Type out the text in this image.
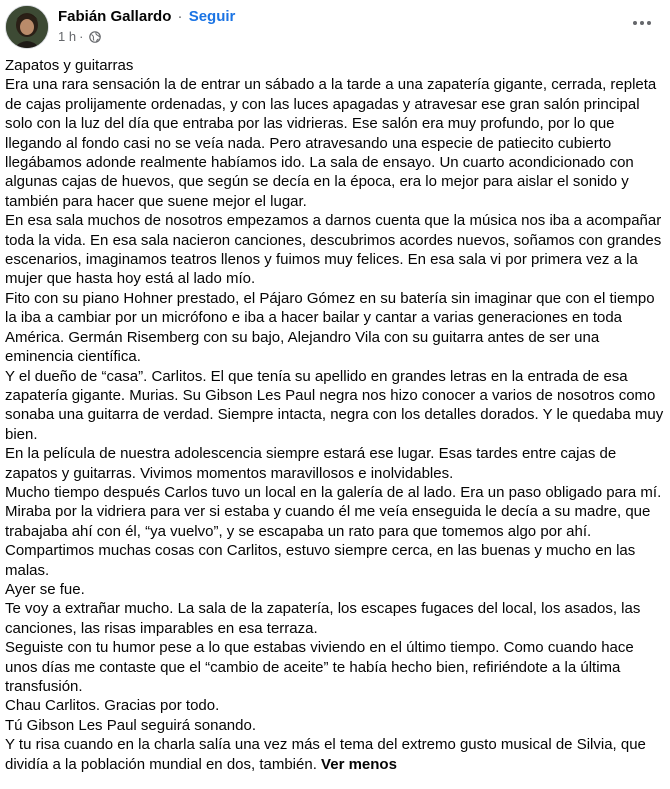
Fabián Gallardo · Seguir
1 h ·

Zapatos y guitarras

Era una rara sensación la de entrar un sábado a la tarde a una zapatería gigante, cerrada, repleta de cajas prolijamente ordenadas, y con las luces apagadas y atravesar ese gran salón principal solo con la luz del día que entraba por las vidrieras. Ese salón era muy profundo, por lo que llegando al fondo casi no se veía nada. Pero atravesando una especie de patiecito cubierto llegábamos adonde realmente habíamos ido. La sala de ensayo. Un cuarto acondicionado con algunas cajas de huevos, que según se decía en la época, era lo mejor para aislar el sonido y también para hacer que suene mejor el lugar.

En esa sala muchos de nosotros empezamos a darnos cuenta que la música nos iba a acompañar toda la vida. En esa sala nacieron canciones, descubrimos acordes nuevos, soñamos con grandes escenarios, imaginamos teatros llenos y fuimos muy felices. En esa sala vi por primera vez a la mujer que hasta hoy está al lado mío.

Fito con su piano Hohner prestado, el Pájaro Gómez en su batería sin imaginar que con el tiempo la iba a cambiar por un micrófono e iba a hacer bailar y cantar a varias generaciones en toda América. Germán Risemberg con su bajo, Alejandro Vila con su guitarra antes de ser una eminencia científica.

Y el dueño de “casa”. Carlitos. El que tenía su apellido en grandes letras en la entrada de esa zapatería gigante. Murias. Su Gibson Les Paul negra nos hizo conocer a varios de nosotros como sonaba una guitarra de verdad. Siempre intacta, negra con los detalles dorados. Y le quedaba muy bien.

En la película de nuestra adolescencia siempre estará ese lugar. Esas tardes entre cajas de zapatos y guitarras. Vivimos momentos maravillosos e inolvidables.

Mucho tiempo después Carlos tuvo un local en la galería de al lado. Era un paso obligado para mí. Miraba por la vidriera para ver si estaba y cuando él me veía enseguida le decía a su madre, que trabajaba ahí con él, “ya vuelvo”, y se escapaba un rato para que tomemos algo por ahí.

Compartimos muchas cosas con Carlitos, estuvo siempre cerca, en las buenas y mucho en las malas.

Ayer se fue.

Te voy a extrañar mucho. La sala de la zapatería, los escapes fugaces del local, los asados, las canciones, las risas imparables en esa terraza.

Seguiste con tu humor pese a lo que estabas viviendo en el último tiempo. Como cuando hace unos días me contaste que el “cambio de aceite” te había hecho bien, refiriéndote a la última transfusión.

Chau Carlitos. Gracias por todo.

Tú Gibson Les Paul seguirá sonando.

Y tu risa cuando en la charla salía una vez más el tema del extremo gusto musical de Silvia, que dividía a la población mundial en dos, también. Ver menos
